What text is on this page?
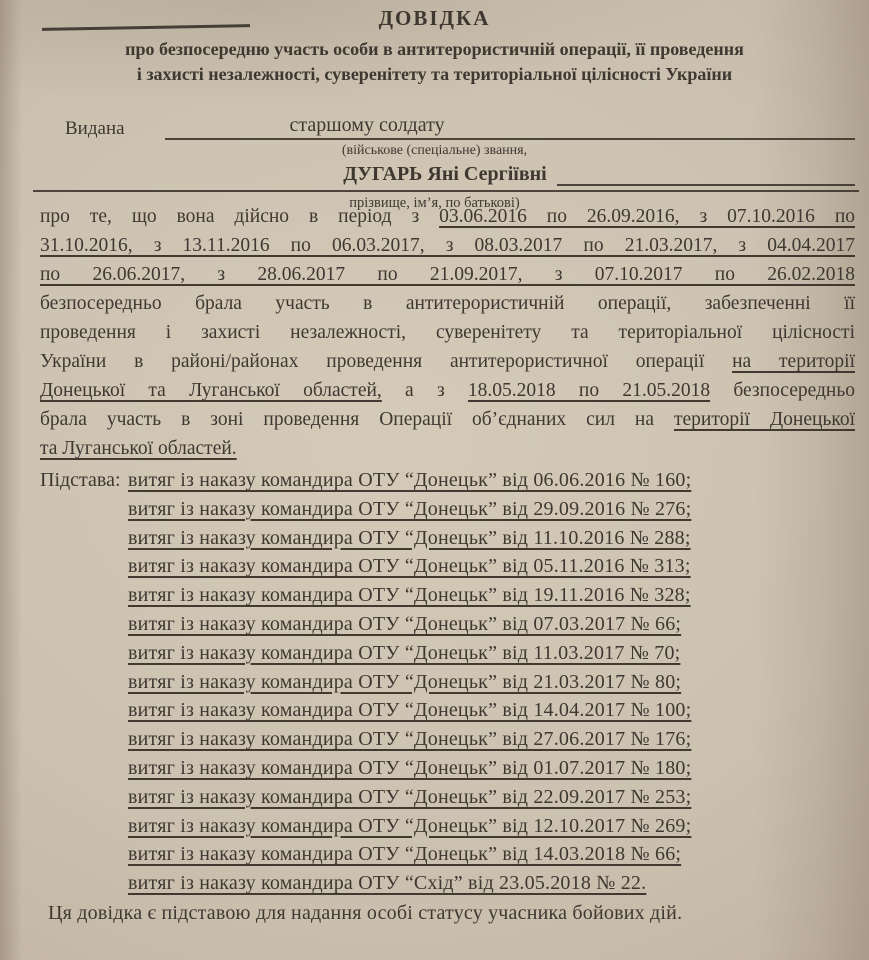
ДОВІДКА
про безпосередню участь особи в антитерористичній операції, її проведення
і захисті незалежності, суверенітету та територіальної цілісності України
Видана	старшому солдату
(військове (спеціальне) звання,
ДУГАРЬ Яні Сергіївні
прізвище, ім’я, по батькові)
про те, що вона дійсно в період з 03.06.2016 по 26.09.2016, з 07.10.2016 по
31.10.2016, з 13.11.2016 по 06.03.2017, з 08.03.2017 по 21.03.2017, з 04.04.2017
по 26.06.2017, з 28.06.2017 по 21.09.2017, з 07.10.2017 по 26.02.2018
безпосередньо брала участь в антитерористичній операції, забезпеченні її
проведення і захисті незалежності, суверенітету та територіальної цілісності
України в районі/районах проведення антитерористичної операції на території
Донецької та Луганської областей, а з 18.05.2018 по 21.05.2018 безпосередньо
брала участь в зоні проведення Операції об’єднаних сил на території Донецької
та Луганської областей.
Підстава: витяг із наказу командира ОТУ “Донецьк” від 06.06.2016 № 160;
витяг із наказу командира ОТУ “Донецьк” від 29.09.2016 № 276;
витяг із наказу командира ОТУ “Донецьк” від 11.10.2016 № 288;
витяг із наказу командира ОТУ “Донецьк” від 05.11.2016 № 313;
витяг із наказу командира ОТУ “Донецьк” від 19.11.2016 № 328;
витяг із наказу командира ОТУ “Донецьк” від 07.03.2017 № 66;
витяг із наказу командира ОТУ “Донецьк” від 11.03.2017 № 70;
витяг із наказу командира ОТУ “Донецьк” від 21.03.2017 № 80;
витяг із наказу командира ОТУ “Донецьк” від 14.04.2017 № 100;
витяг із наказу командира ОТУ “Донецьк” від 27.06.2017 № 176;
витяг із наказу командира ОТУ “Донецьк” від 01.07.2017 № 180;
витяг із наказу командира ОТУ “Донецьк” від 22.09.2017 № 253;
витяг із наказу командира ОТУ “Донецьк” від 12.10.2017 № 269;
витяг із наказу командира ОТУ “Донецьк” від 14.03.2018 № 66;
витяг із наказу командира ОТУ “Схід” від 23.05.2018 № 22.
Ця довідка є підставою для надання особі статусу учасника бойових дій.
